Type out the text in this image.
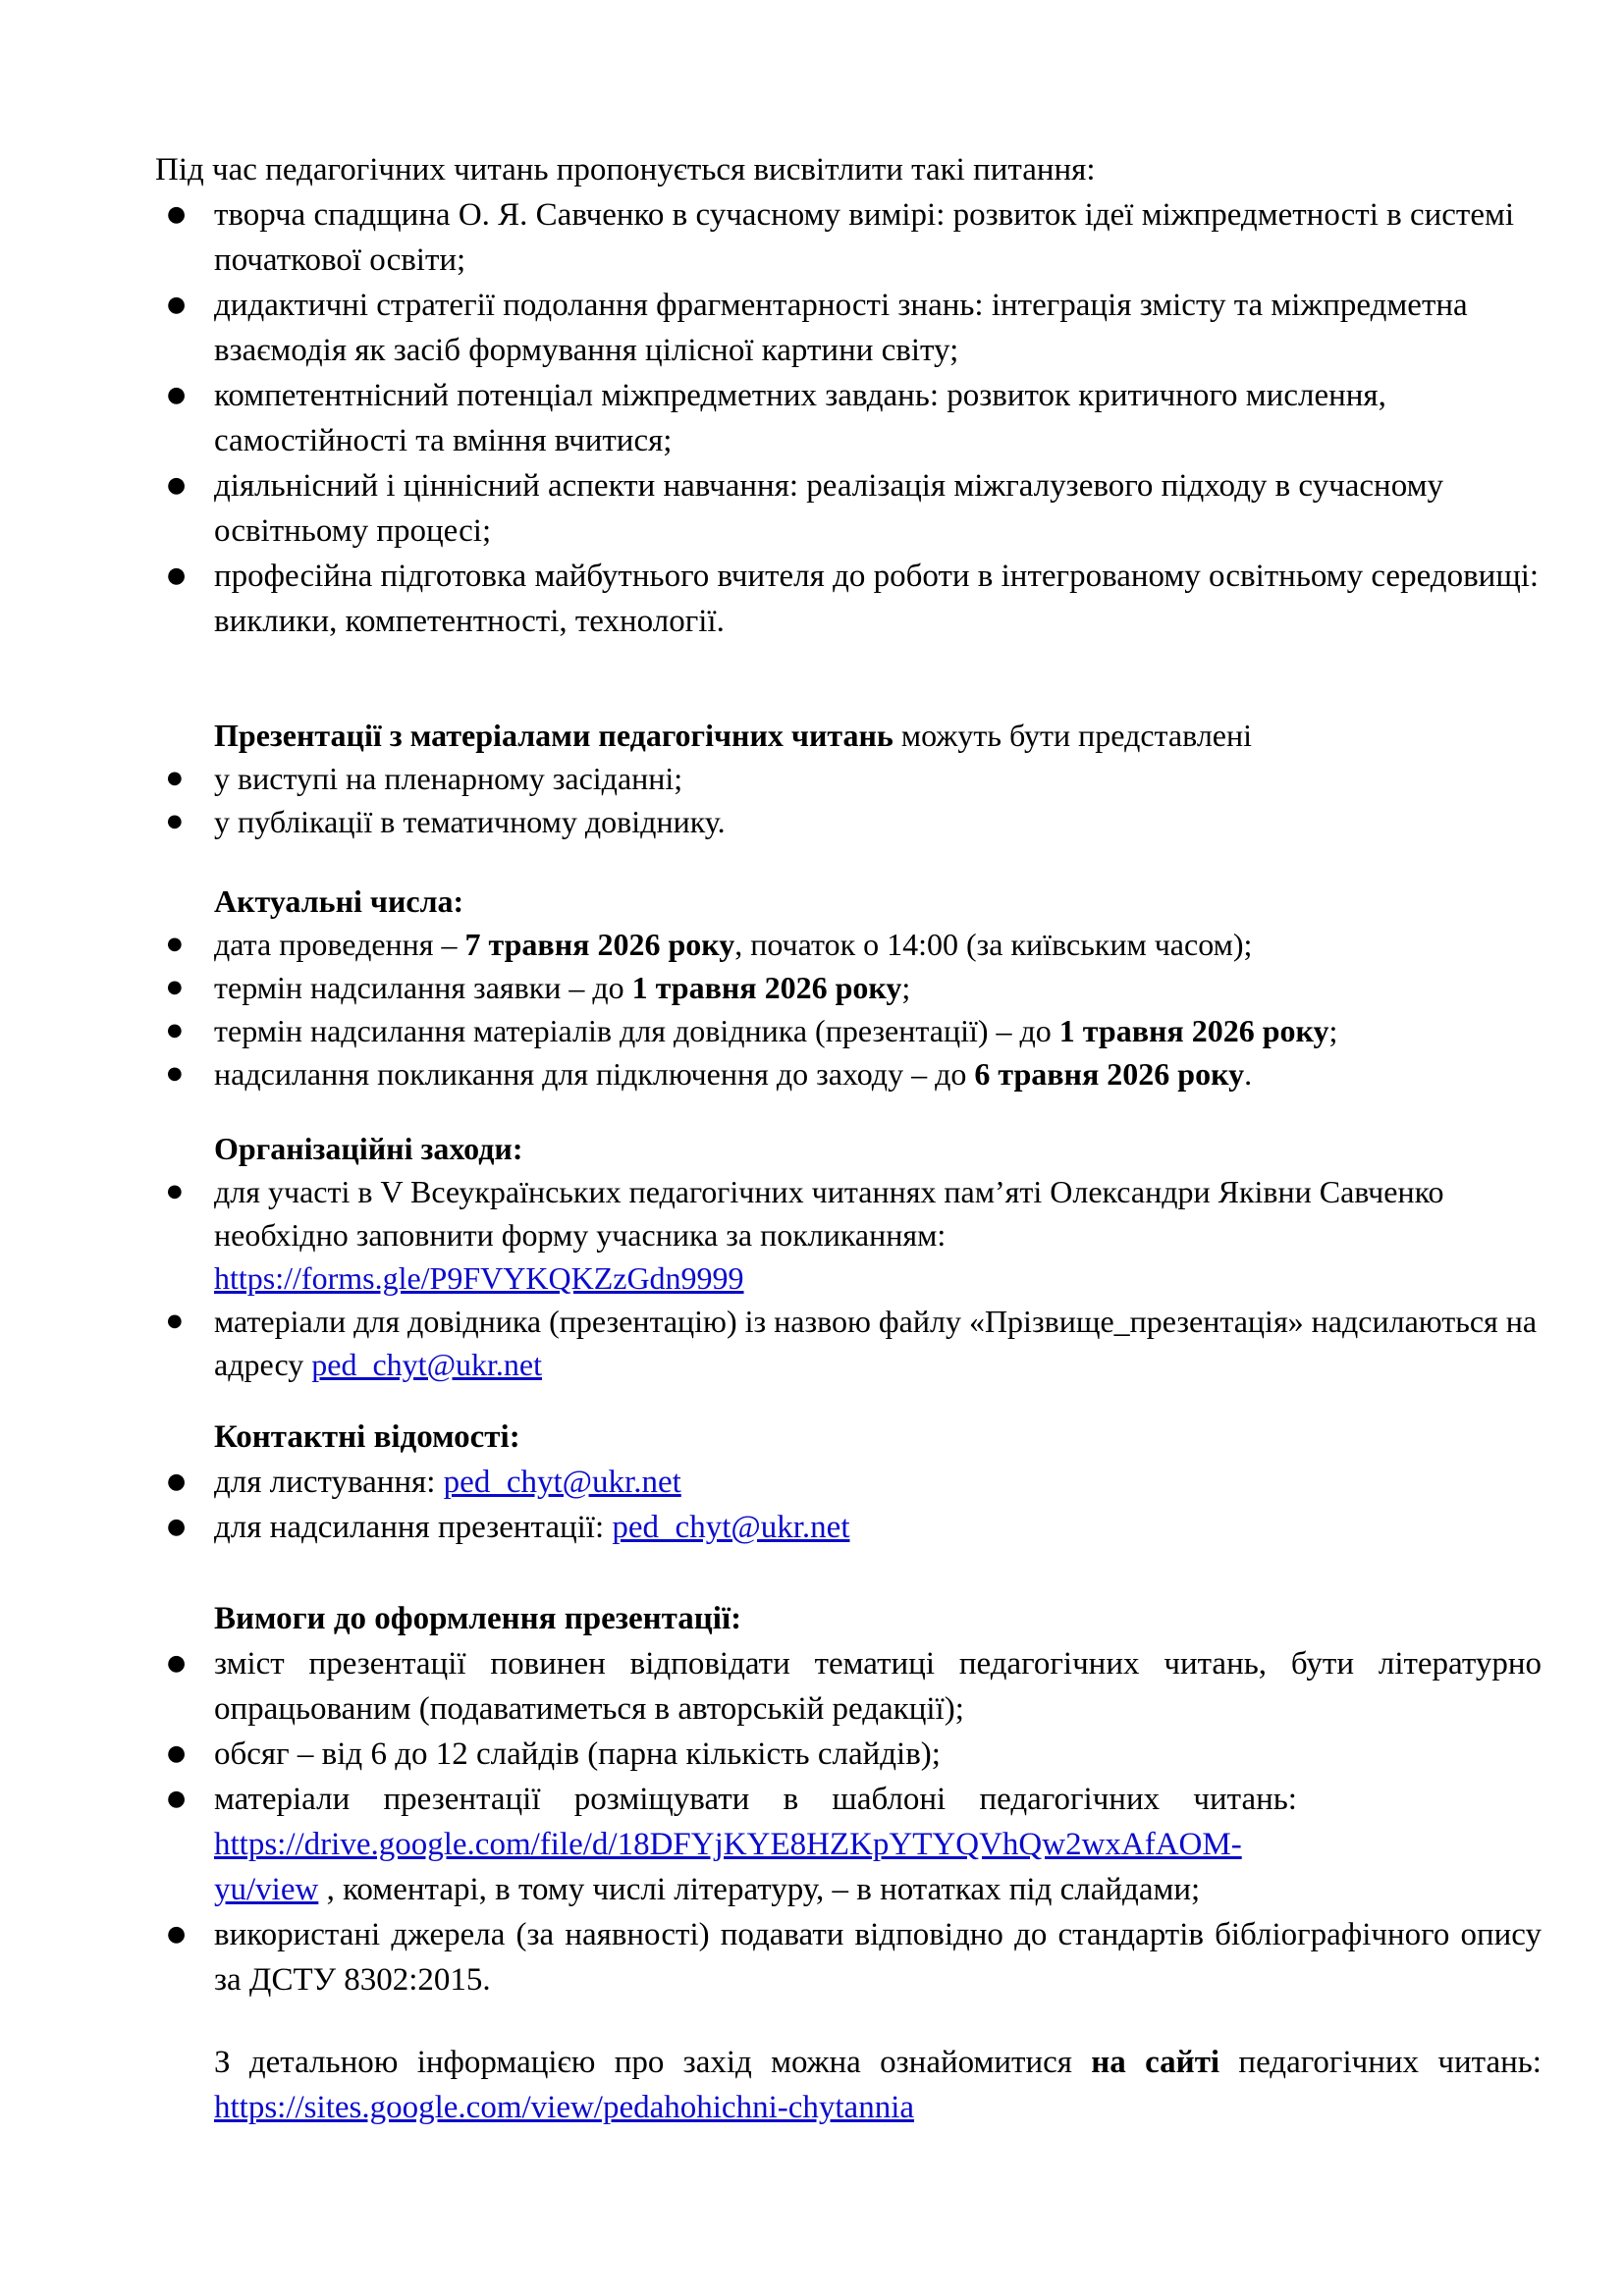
Під час педагогічних читань пропонується висвітлити такі питання:

● творча спадщина О. Я. Савченко в сучасному вимірі: розвиток ідеї міжпредметності в системі початкової освіти;
● дидактичні стратегії подолання фрагментарності знань: інтеграція змісту та міжпредметна взаємодія як засіб формування цілісної картини світу;
● компетентнісний потенціал міжпредметних завдань: розвиток критичного мислення, самостійності та вміння вчитися;
● діяльнісний і ціннісний аспекти навчання: реалізація міжгалузевого підходу в сучасному освітньому процесі;
● професійна підготовка майбутнього вчителя до роботи в інтегрованому освітньому середовищі: виклики, компетентності, технології.

Презентації з матеріалами педагогічних читань можуть бути представлені

● у виступі на пленарному засіданні;
● у публікації в тематичному довіднику.

Актуальні числа:

● дата проведення – 7 травня 2026 року, початок о 14:00 (за київським часом);
● термін надсилання заявки – до 1 травня 2026 року;
● термін надсилання матеріалів для довідника (презентації) – до 1 травня 2026 року;
● надсилання покликання для підключення до заходу – до 6 травня 2026 року.

Організаційні заходи:

● для участі в V Всеукраїнських педагогічних читаннях пам’яті Олександри Яківни Савченко необхідно заповнити форму учасника за покликанням:
https://forms.gle/P9FVYKQKZzGdn9999
● матеріали для довідника (презентацію) із назвою файлу «Прізвище_презентація» надсилаються на адресу ped_chyt@ukr.net

Контактні відомості:

● для листування: ped_chyt@ukr.net
● для надсилання презентації: ped_chyt@ukr.net

Вимоги до оформлення презентації:

● зміст презентації повинен відповідати тематиці педагогічних читань, бути літературно опрацьованим (подаватиметься в авторській редакції);
● обсяг – від 6 до 12 слайдів (парна кількість слайдів);
● матеріали презентації розміщувати в шаблоні педагогічних читань:
https://drive.google.com/file/d/18DFYjKYE8HZKpYTYQVhQw2wxAfAOM-
yu/view , коментарі, в тому числі літературу, – в нотатках під слайдами;
● використані джерела (за наявності) подавати відповідно до стандартів бібліографічного опису за ДСТУ 8302:2015.

З детальною інформацією про захід можна ознайомитися на сайті педагогічних читань: https://sites.google.com/view/pedahohichni-chytannia
